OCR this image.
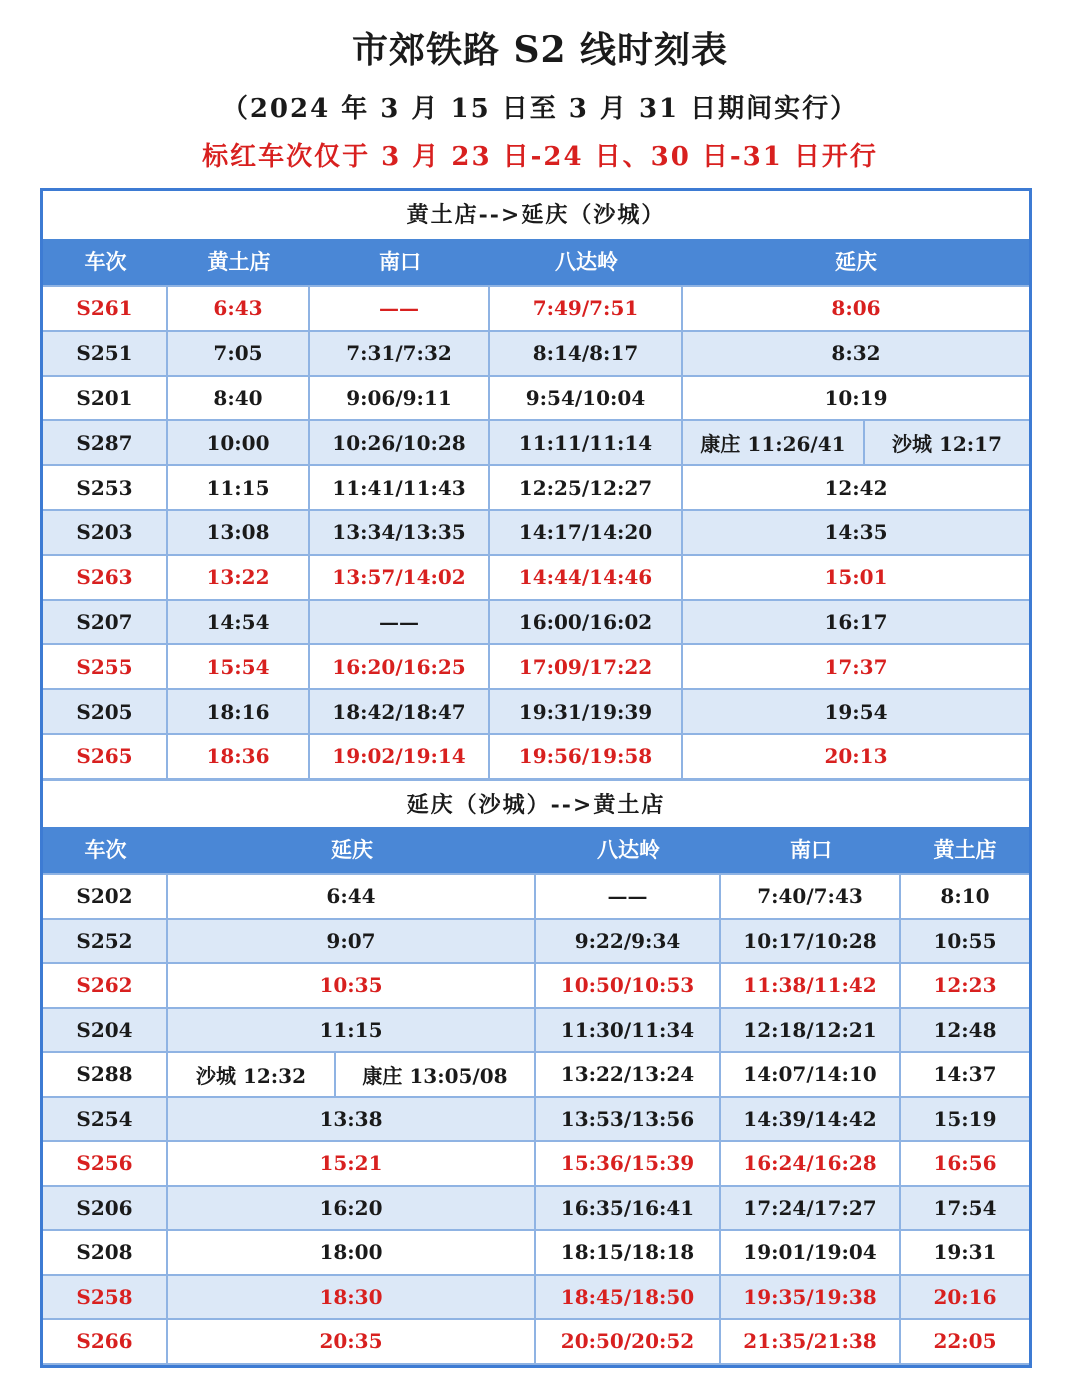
市郊铁路 S2 线时刻表
（2024 年 3 月 15 日至 3 月 31 日期间实行）
标红车次仅于 3 月 23 日-24 日、30 日-31 日开行
黄土店-->延庆（沙城）
车次	黄土店	南口	八达岭	延庆
S261	6:43	——	7:49/7:51	8:06
S251	7:05	7:31/7:32	8:14/8:17	8:32
S201	8:40	9:06/9:11	9:54/10:04	10:19
S287	10:00	10:26/10:28	11:11/11:14	康庄 11:26/41	沙城 12:17
S253	11:15	11:41/11:43	12:25/12:27	12:42
S203	13:08	13:34/13:35	14:17/14:20	14:35
S263	13:22	13:57/14:02	14:44/14:46	15:01
S207	14:54	——	16:00/16:02	16:17
S255	15:54	16:20/16:25	17:09/17:22	17:37
S205	18:16	18:42/18:47	19:31/19:39	19:54
S265	18:36	19:02/19:14	19:56/19:58	20:13
延庆（沙城）-->黄土店
车次	延庆	八达岭	南口	黄土店
S202	6:44	——	7:40/7:43	8:10
S252	9:07	9:22/9:34	10:17/10:28	10:55
S262	10:35	10:50/10:53	11:38/11:42	12:23
S204	11:15	11:30/11:34	12:18/12:21	12:48
S288	沙城 12:32	康庄 13:05/08	13:22/13:24	14:07/14:10	14:37
S254	13:38	13:53/13:56	14:39/14:42	15:19
S256	15:21	15:36/15:39	16:24/16:28	16:56
S206	16:20	16:35/16:41	17:24/17:27	17:54
S208	18:00	18:15/18:18	19:01/19:04	19:31
S258	18:30	18:45/18:50	19:35/19:38	20:16
S266	20:35	20:50/20:52	21:35/21:38	22:05
